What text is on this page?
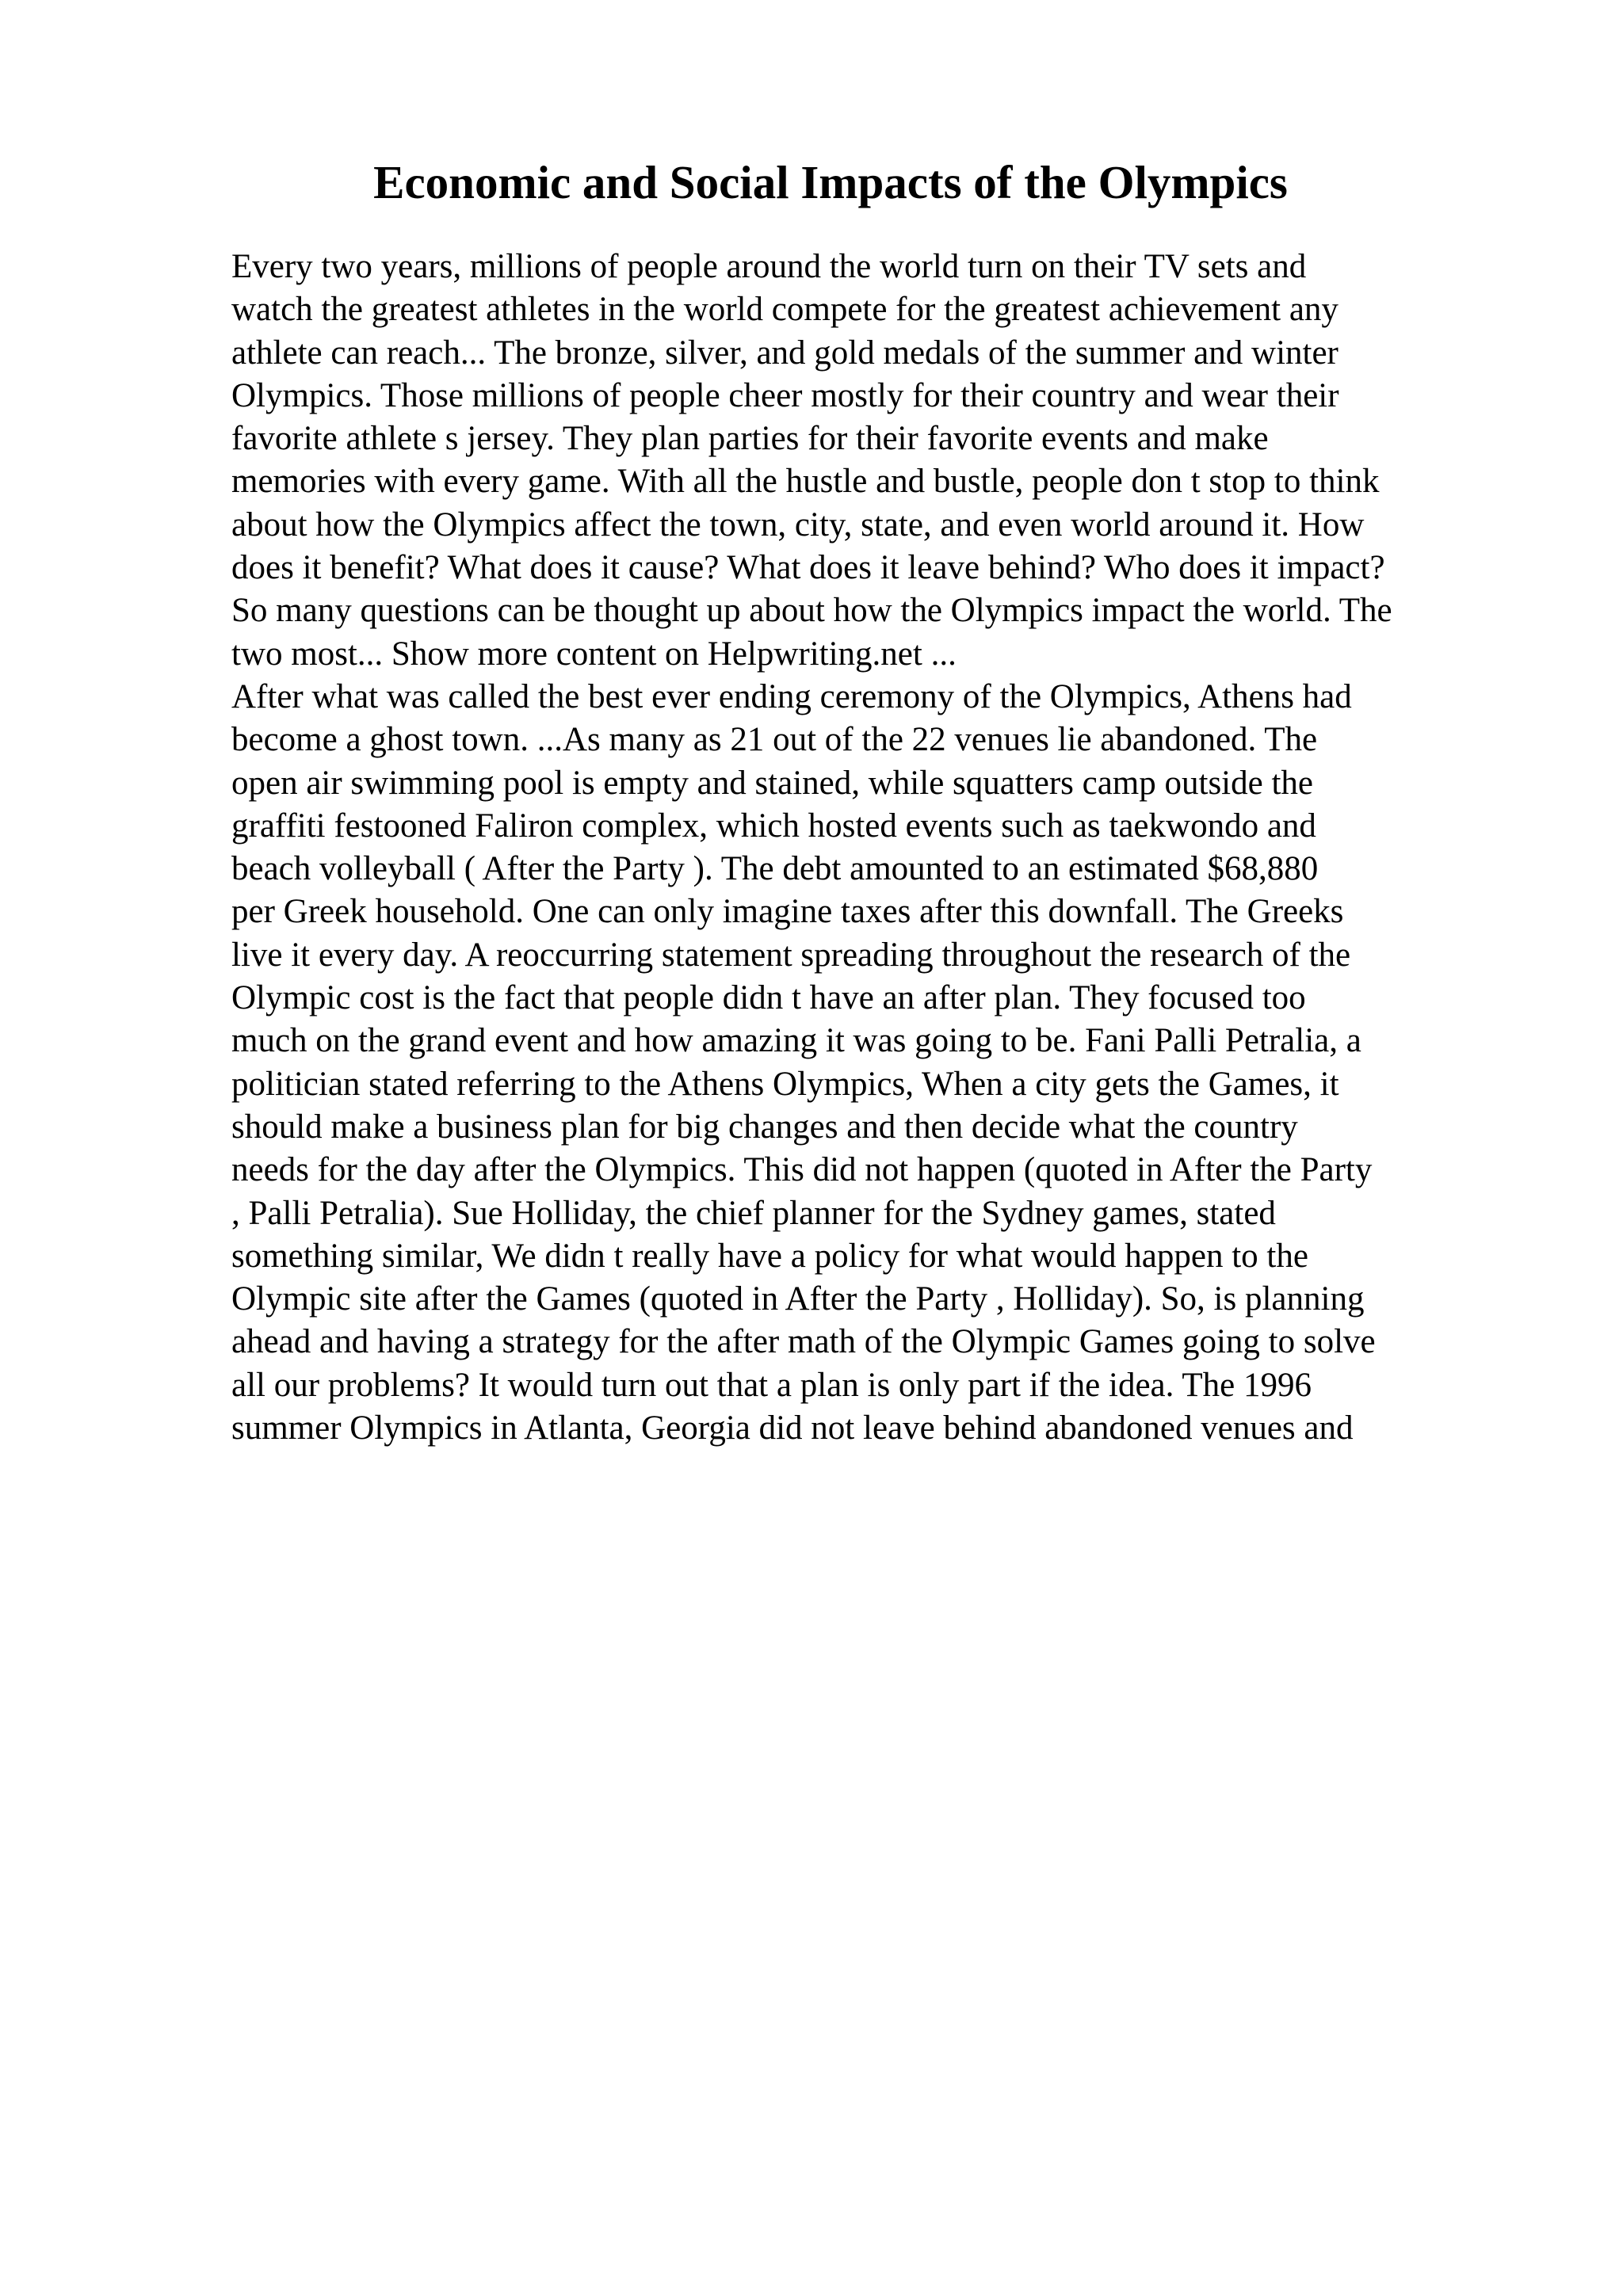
Economic and Social Impacts of the Olympics
Every two years, millions of people around the world turn on their TV sets and
watch the greatest athletes in the world compete for the greatest achievement any
athlete can reach... The bronze, silver, and gold medals of the summer and winter
Olympics. Those millions of people cheer mostly for their country and wear their
favorite athlete s jersey. They plan parties for their favorite events and make
memories with every game. With all the hustle and bustle, people don t stop to think
about how the Olympics affect the town, city, state, and even world around it. How
does it benefit? What does it cause? What does it leave behind? Who does it impact?
So many questions can be thought up about how the Olympics impact the world. The
two most... Show more content on Helpwriting.net ...
After what was called the best ever ending ceremony of the Olympics, Athens had
become a ghost town. ...As many as 21 out of the 22 venues lie abandoned. The
open air swimming pool is empty and stained, while squatters camp outside the
graffiti festooned Faliron complex, which hosted events such as taekwondo and
beach volleyball ( After the Party ). The debt amounted to an estimated $68,880
per Greek household. One can only imagine taxes after this downfall. The Greeks
live it every day. A reoccurring statement spreading throughout the research of the
Olympic cost is the fact that people didn t have an after plan. They focused too
much on the grand event and how amazing it was going to be. Fani Palli Petralia, a
politician stated referring to the Athens Olympics, When a city gets the Games, it
should make a business plan for big changes and then decide what the country
needs for the day after the Olympics. This did not happen (quoted in After the Party
, Palli Petralia). Sue Holliday, the chief planner for the Sydney games, stated
something similar, We didn t really have a policy for what would happen to the
Olympic site after the Games (quoted in After the Party , Holliday). So, is planning
ahead and having a strategy for the after math of the Olympic Games going to solve
all our problems? It would turn out that a plan is only part if the idea. The 1996
summer Olympics in Atlanta, Georgia did not leave behind abandoned venues and
